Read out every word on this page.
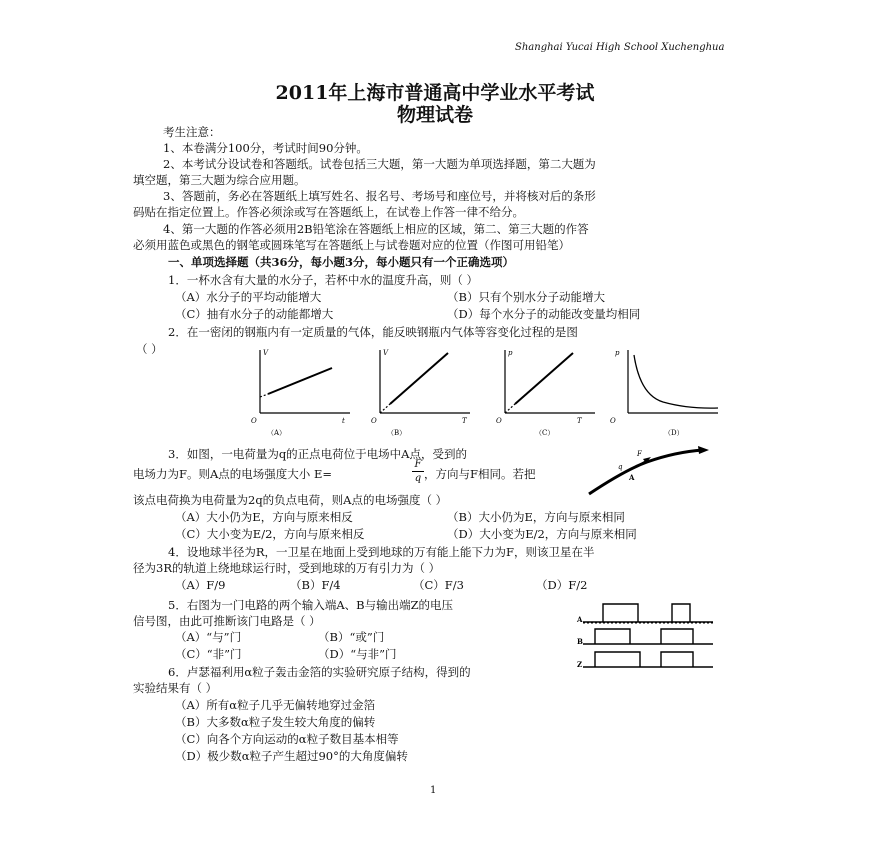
Shanghai Yucai High School Xuchenghua
2011年上海市普通高中学业水平考试
物理试卷
考生注意：
1、本卷满分100分，考试时间90分钟。
2、本考试分设试卷和答题纸。试卷包括三大题，第一大题为单项选择题，第二大题为
填空题，第三大题为综合应用题。
3、答题前，务必在答题纸上填写姓名、报名号、考场号和座位号，并将核对后的条形
码贴在指定位置上。作答必须涂或写在答题纸上，在试卷上作答一律不给分。
4、第一大题的作答必须用2B铅笔涂在答题纸上相应的区域，第二、第三大题的作答
必须用蓝色或黑色的钢笔或圆珠笔写在答题纸上与试卷题对应的位置（作图可用铅笔）
一、单项选择题（共36分，每小题3分，每小题只有一个正确选项）
1．一杯水含有大量的水分子，若杯中水的温度升高，则（ ）
（A）水分子的平均动能增大	（B）只有个别水分子动能增大
（C）抽有水分子的动能都增大	（D）每个水分子的动能改变量均相同
2．在一密闭的钢瓶内有一定质量的气体，能反映钢瓶内气体等容变化过程的是图
（ ）	V
O	t
（A）
V
O	T
（B）
p
O	T
（C）
p
O
（D）
3．如图，一电荷量为q的正点电荷位于电场中A点，受到的
电场力为F。则A点的电场强度大小 E=	$\frac{F}{q}$ ，方向与F相同。若把
该点电荷换为电荷量为2q的负点电荷，则A点的电场强度（ ）
（A）大小仍为E，方向与原来相反	（B）大小仍为E，方向与原来相同
（C）大小变为E/2，方向与原来相反	（D）大小变为E/2，方向与原来相同
F
q
A
4．设地球半径为R，一卫星在地面上受到地球的万有能上能下力为F，则该卫星在半
径为3R的轨道上绕地球运行时，受到地球的万有引力为（ ）
（A）F/9	（B）F/4	（C）F/3	（D）F/2
5．右图为一门电路的两个输入端A、B与输出端Z的电压
信号图，由此可推断该门电路是（ ）
（A）“与”门	（B）“或”门
（C）“非”门	（D）“与非”门
A
B
Z
6．卢瑟福利用α粒子轰击金箔的实验研究原子结构，得到的
实验结果有（ ）
（A）所有α粒子几乎无偏转地穿过金箔
（B）大多数α粒子发生较大角度的偏转
（C）向各个方向运动的α粒子数目基本相等
（D）极少数α粒子产生超过90°的大角度偏转
1
